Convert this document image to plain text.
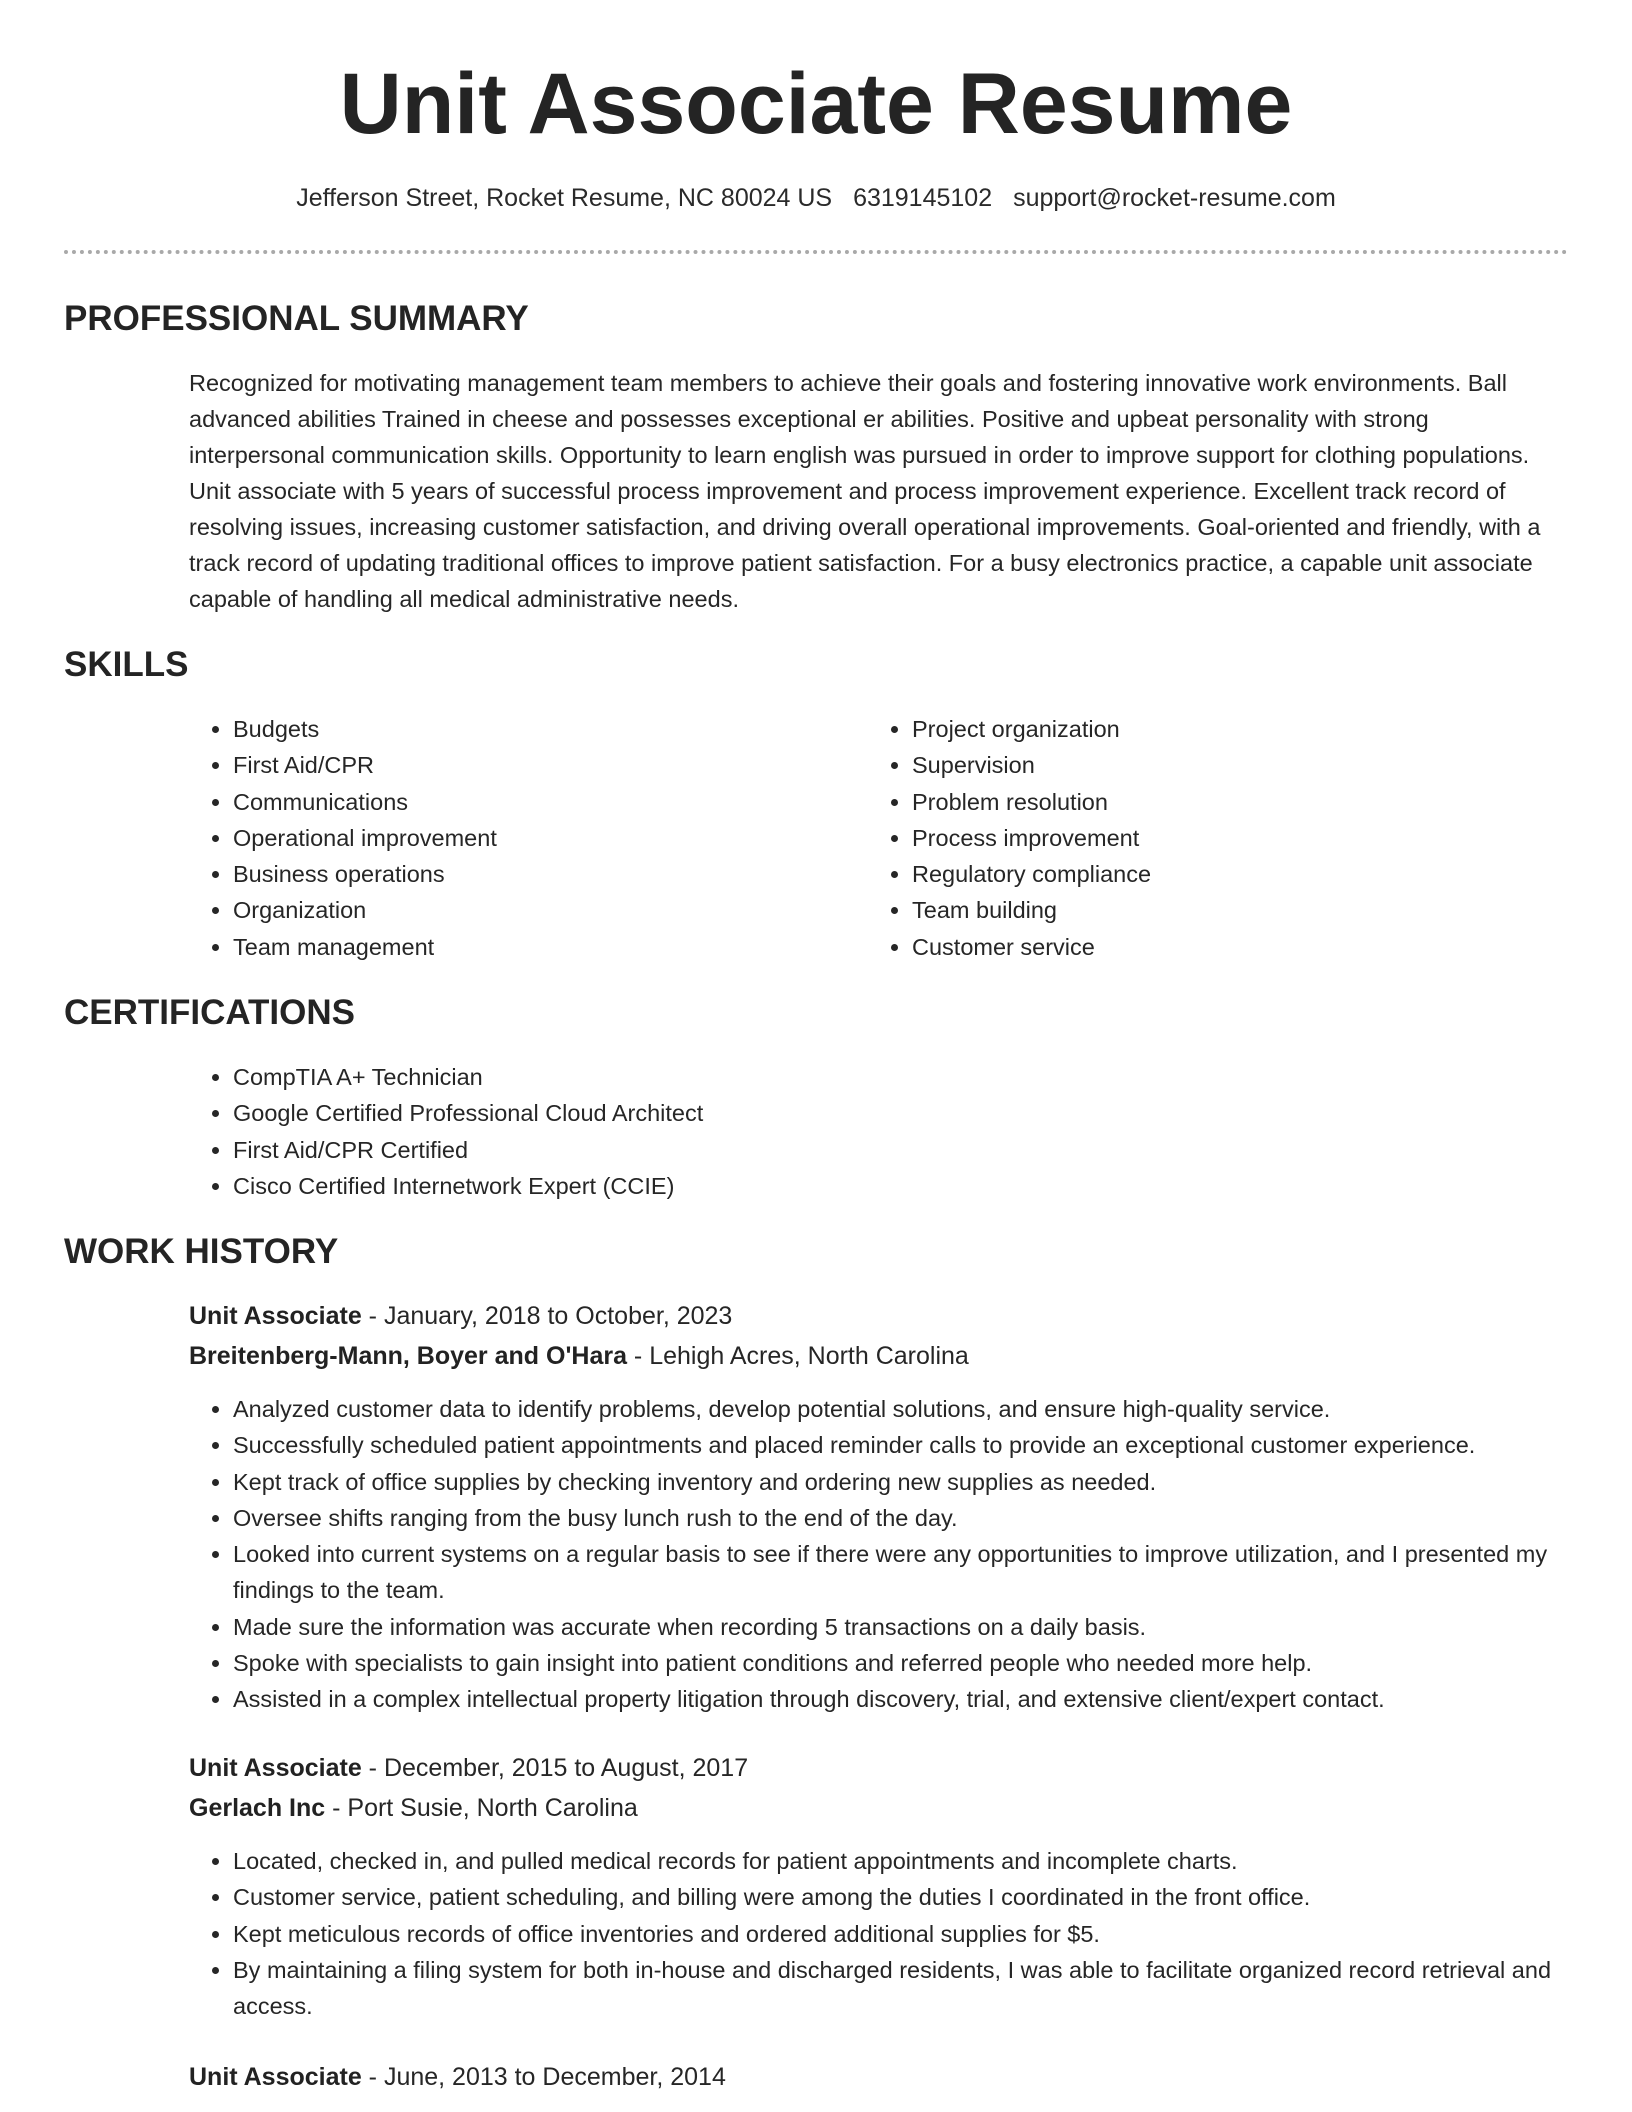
Unit Associate Resume
Jefferson Street, Rocket Resume, NC 80024 US 6319145102 support@rocket-resume.com
PROFESSIONAL SUMMARY
Recognized for motivating management team members to achieve their goals and fostering innovative work environments. Ball advanced abilities Trained in cheese and possesses exceptional er abilities. Positive and upbeat personality with strong interpersonal communication skills. Opportunity to learn english was pursued in order to improve support for clothing populations. Unit associate with 5 years of successful process improvement and process improvement experience. Excellent track record of resolving issues, increasing customer satisfaction, and driving overall operational improvements. Goal-oriented and friendly, with a track record of updating traditional offices to improve patient satisfaction. For a busy electronics practice, a capable unit associate capable of handling all medical administrative needs.
SKILLS
• Budgets
• First Aid/CPR
• Communications
• Operational improvement
• Business operations
• Organization
• Team management
• Project organization
• Supervision
• Problem resolution
• Process improvement
• Regulatory compliance
• Team building
• Customer service
CERTIFICATIONS
• CompTIA A+ Technician
• Google Certified Professional Cloud Architect
• First Aid/CPR Certified
• Cisco Certified Internetwork Expert (CCIE)
WORK HISTORY
Unit Associate - January, 2018 to October, 2023
Breitenberg-Mann, Boyer and O'Hara - Lehigh Acres, North Carolina
• Analyzed customer data to identify problems, develop potential solutions, and ensure high-quality service.
• Successfully scheduled patient appointments and placed reminder calls to provide an exceptional customer experience.
• Kept track of office supplies by checking inventory and ordering new supplies as needed.
• Oversee shifts ranging from the busy lunch rush to the end of the day.
• Looked into current systems on a regular basis to see if there were any opportunities to improve utilization, and I presented my findings to the team.
• Made sure the information was accurate when recording 5 transactions on a daily basis.
• Spoke with specialists to gain insight into patient conditions and referred people who needed more help.
• Assisted in a complex intellectual property litigation through discovery, trial, and extensive client/expert contact.
Unit Associate - December, 2015 to August, 2017
Gerlach Inc - Port Susie, North Carolina
• Located, checked in, and pulled medical records for patient appointments and incomplete charts.
• Customer service, patient scheduling, and billing were among the duties I coordinated in the front office.
• Kept meticulous records of office inventories and ordered additional supplies for $5.
• By maintaining a filing system for both in-house and discharged residents, I was able to facilitate organized record retrieval and access.
Unit Associate - June, 2013 to December, 2014
